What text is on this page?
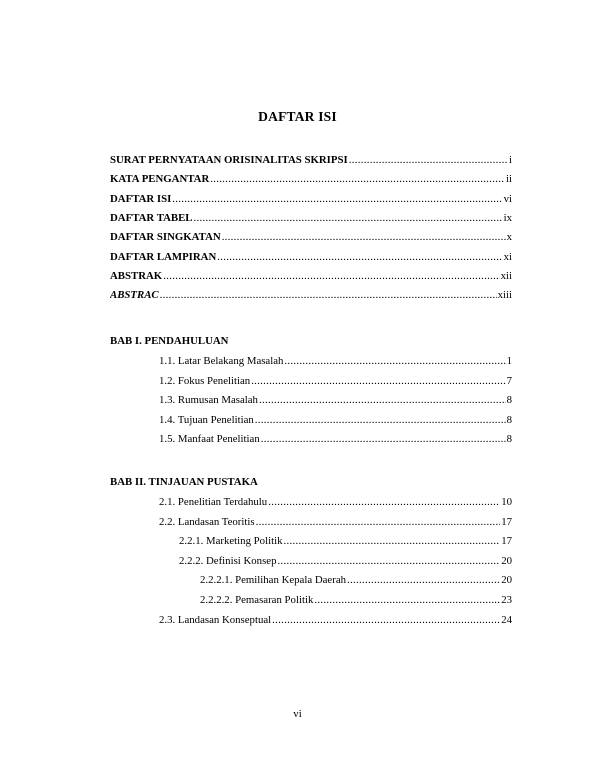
DAFTAR ISI
SURAT PERNYATAAN ORISINALITAS SKRIPSI .....	i
KATA PENGANTAR .....	ii
DAFTAR ISI .....	vi
DAFTAR TABEL .....	ix
DAFTAR SINGKATAN .....	x
DAFTAR LAMPIRAN .....	xi
ABSTRAK .....	xii
ABSTRAC .....	xiii
BAB I. PENDAHULUAN
1.1. Latar Belakang Masalah .....	1
1.2. Fokus Penelitian .....	7
1.3. Rumusan Masalah .....	8
1.4. Tujuan Penelitian .....	8
1.5. Manfaat Penelitian .....	8
BAB II. TINJAUAN PUSTAKA
2.1. Penelitian Terdahulu .....	10
2.2. Landasan Teoritis .....	17
2.2.1. Marketing Politik .....	17
2.2.2. Definisi Konsep .....	20
2.2.2.1. Pemilihan Kepala Daerah .....	20
2.2.2.2. Pemasaran Politik .....	23
2.3. Landasan Konseptual .....	24
vi
